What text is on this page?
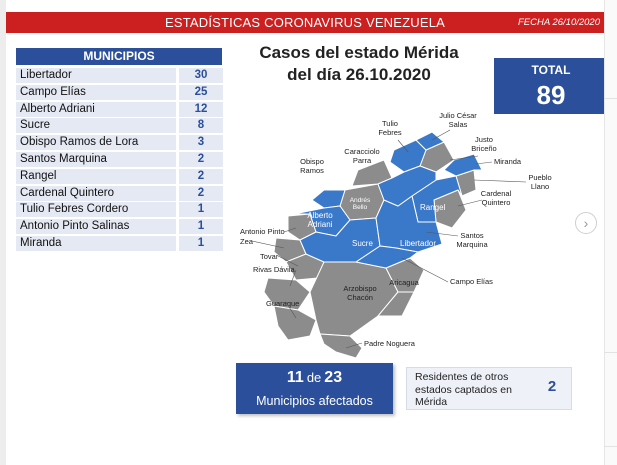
ESTADÍSTICAS CORONAVIRUS VENEZUELA	FECHA 26/10/2020
MUNICIPIOS
Libertador	30
Campo Elías	25
Alberto Adriani	12
Sucre	8
Obispo Ramos de Lora	3
Santos Marquina	2
Rangel	2
Cardenal Quintero	2
Tulio Febres Cordero	1
Antonio Pinto Salinas	1
Miranda	1
Casos del estado Mérida
del día 26.10.2020	TOTAL
89
Tulio Febres
Julio César Salas
Justo Briceño
Miranda
Pueblo Llano
Caracciolo Parra
Obispo Ramos
Cardenal Quintero
Andrés Bello	Rangel
Alberto Adriani
Antonio Pinto Zea
Santos Marquina
Sucre	Libertador
Tovar
Rivas Dávila
Aricagua	Campo Elías
Arzobispo Chacón
Guaraque
Padre Noguera
11 de 23
Municipios afectados
Residentes de otros
estados captados en
Mérida
2
›
